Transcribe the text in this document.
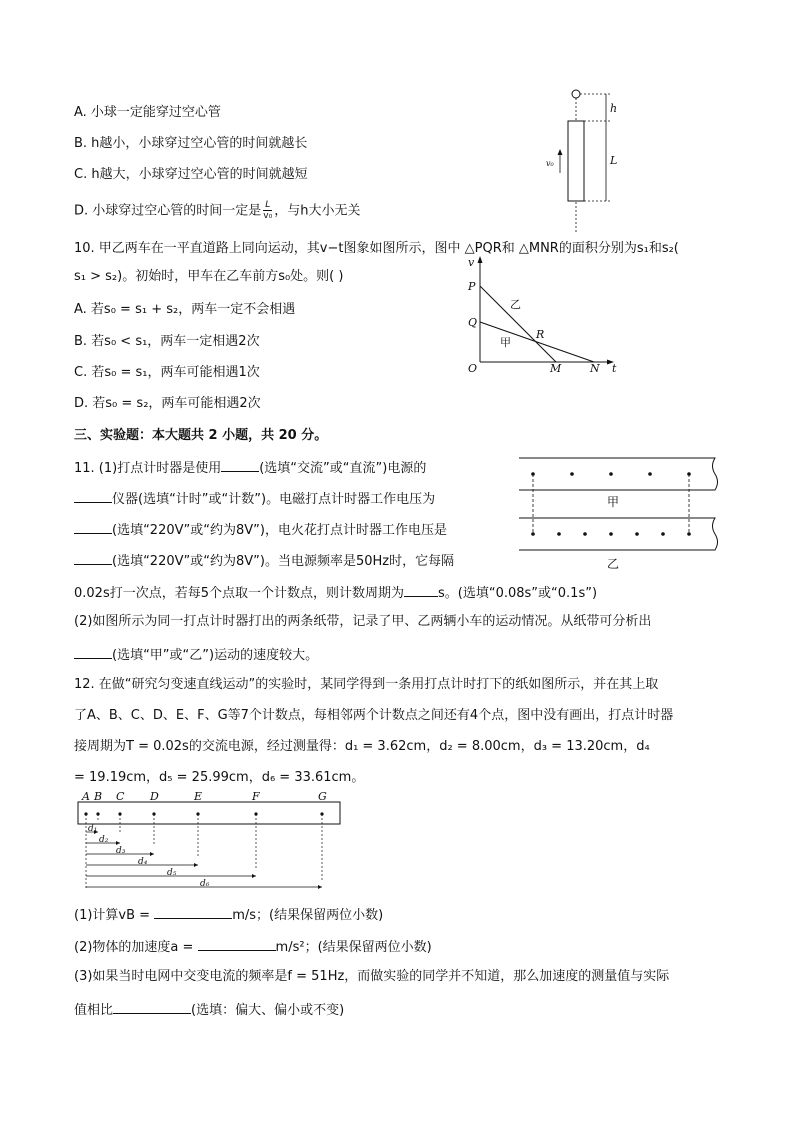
A. 小球一定能穿过空心管
B. h越小，小球穿过空心管的时间就越长
C. h越大，小球穿过空心管的时间就越短
D. 小球穿过空心管的时间一定是 $\frac{L}{\text{v₀}}$ ，与h大小无关
h
L
v₀
10. 甲乙两车在一平直道路上同向运动，其v−t图象如图所示，图中 △PQR和 △MNR的面积分别为s₁和s₂(
s₁ > s₂)。初始时，甲车在乙车前方s₀处。则( )
A. 若s₀ = s₁ + s₂，两车一定不会相遇
B. 若s₀ < s₁，两车一定相遇2次
C. 若s₀ = s₁，两车可能相遇1次
D. 若s₀ = s₂，两车可能相遇2次
v
t
P
Q
R
O	M	N
乙
甲
三、实验题：本大题共 2 小题，共 20 分。
11. (1)打点计时器是使用	(选填“交流”或“直流”)电源的
仪器(选填“计时”或“计数”)。电磁打点计时器工作电压为
(选填“220V”或“约为8V”)，电火花打点计时器工作电压是
(选填“220V”或“约为8V”)。当电源频率是50Hz时，它每隔
0.02s打一次点，若每5个点取一个计数点，则计数周期为	s。(选填“0.08s”或“0.1s”)
(2)如图所示为同一打点计时器打出的两条纸带，记录了甲、乙两辆小车的运动情况。从纸带可分析出
(选填“甲”或“乙”)运动的速度较大。
甲
乙
12. 在做“研究匀变速直线运动”的实验时，某同学得到一条用打点计时打下的纸如图所示，并在其上取
了A、B、C、D、E、F、G等7个计数点，每相邻两个计数点之间还有4个点，图中没有画出，打点计时器
接周期为T = 0.02s的交流电源，经过测量得：d₁ = 3.62cm，d₂ = 8.00cm，d₃ = 13.20cm，d₄
= 19.19cm，d₅ = 25.99cm，d₆ = 33.61cm。
A B C D	E	F	G
d₁
d₂
d₃
d₄
d₅
d₆
(1)计算vB =	m/s；(结果保留两位小数)
(2)物体的加速度a =	m/s²；(结果保留两位小数)
(3)如果当时电网中交变电流的频率是f = 51Hz，而做实验的同学并不知道，那么加速度的测量值与实际
值相比	(选填：偏大、偏小或不变)
